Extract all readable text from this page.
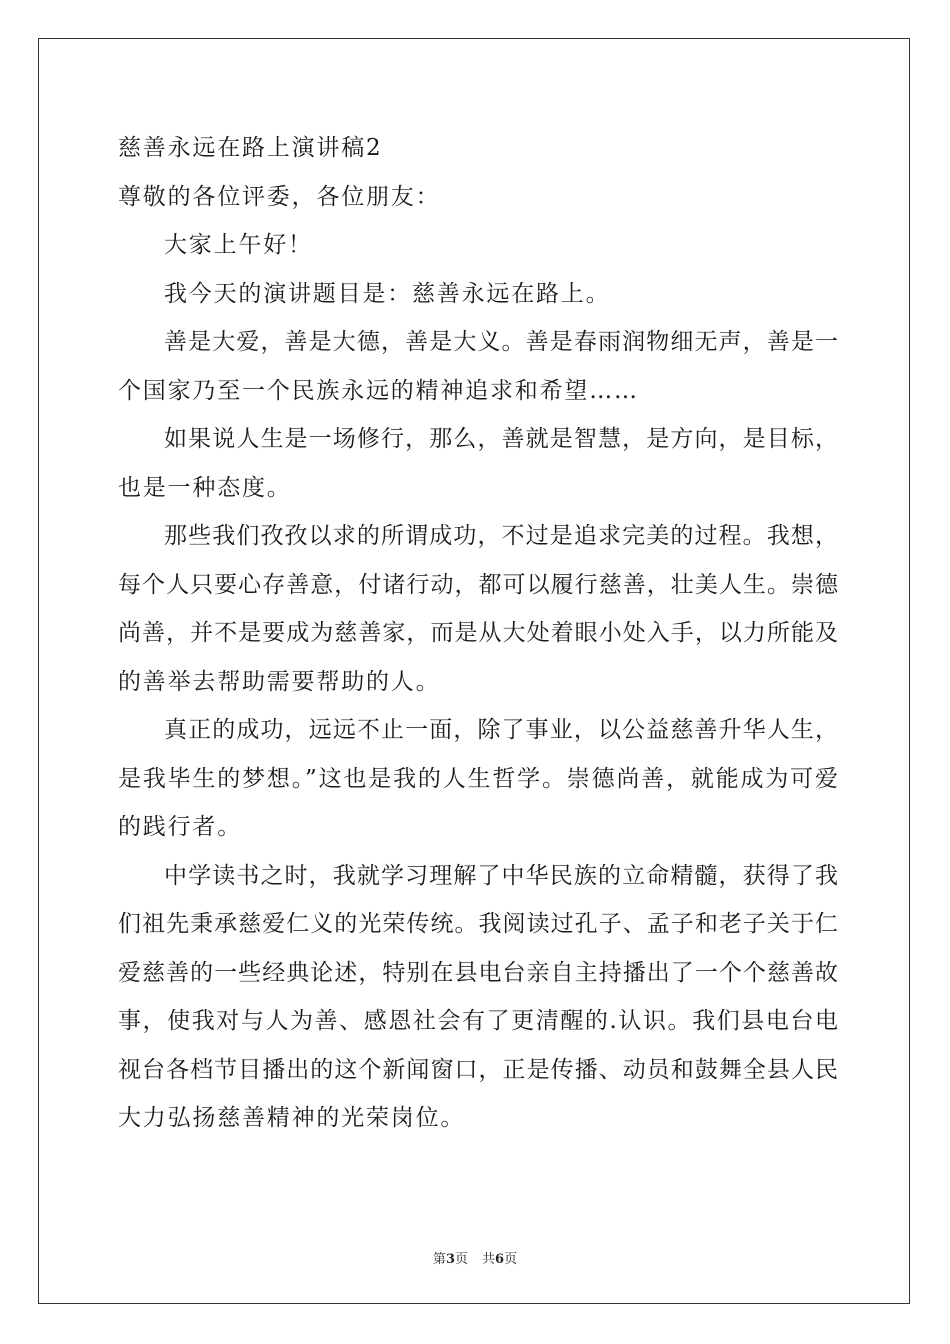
慈善永远在路上演讲稿2
尊敬的各位评委，各位朋友：
大家上午好！
我今天的演讲题目是：慈善永远在路上。
善是大爱，善是大德，善是大义。善是春雨润物细无声，善是一
个国家乃至一个民族永远的精神追求和希望……
如果说人生是一场修行，那么，善就是智慧，是方向，是目标，
也是一种态度。
那些我们孜孜以求的所谓成功，不过是追求完美的过程。我想，
每个人只要心存善意，付诸行动，都可以履行慈善，壮美人生。崇德
尚善，并不是要成为慈善家，而是从大处着眼小处入手，以力所能及
的善举去帮助需要帮助的人。
真正的成功，远远不止一面，除了事业，以公益慈善升华人生，
是我毕生的梦想。”这也是我的人生哲学。崇德尚善，就能成为可爱
的践行者。
中学读书之时，我就学习理解了中华民族的立命精髓，获得了我
们祖先秉承慈爱仁义的光荣传统。我阅读过孔子、孟子和老子关于仁
爱慈善的一些经典论述，特别在县电台亲自主持播出了一个个慈善故
事，使我对与人为善、感恩社会有了更清醒的.认识。我们县电台电
视台各档节目播出的这个新闻窗口，正是传播、动员和鼓舞全县人民
大力弘扬慈善精神的光荣岗位。
第3页 共6页
